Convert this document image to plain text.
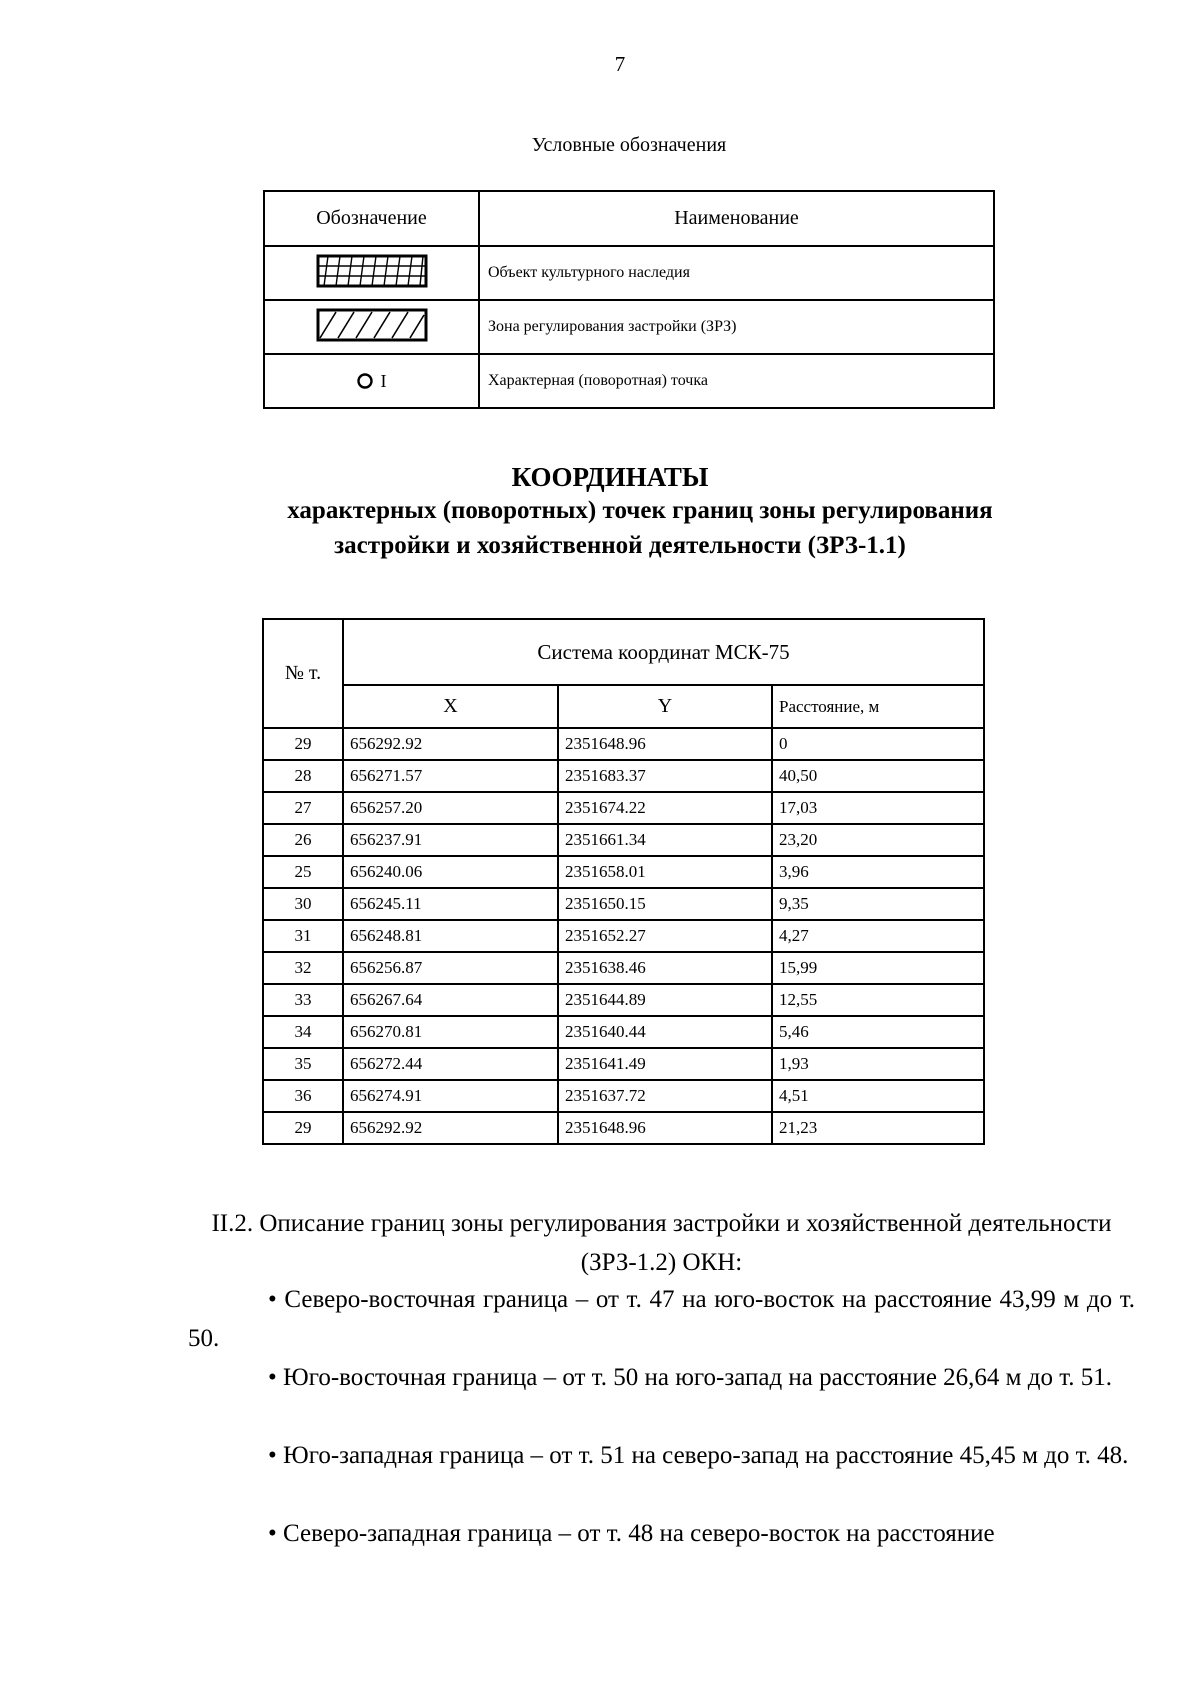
7
Условные обозначения
Обозначение	Наименование
	Объект культурного наследия
	Зона регулирования застройки (ЗРЗ)
I	Характерная (поворотная) точка
КООРДИНАТЫ
характерных (поворотных) точек границ зоны регулирования
застройки и хозяйственной деятельности (ЗРЗ-1.1)
№ т.	Система координат МСК-75		
	X	Y	Расстояние, м
29	656292.92	2351648.96	0
28	656271.57	2351683.37	40,50
27	656257.20	2351674.22	17,03
26	656237.91	2351661.34	23,20
25	656240.06	2351658.01	3,96
30	656245.11	2351650.15	9,35
31	656248.81	2351652.27	4,27
32	656256.87	2351638.46	15,99
33	656267.64	2351644.89	12,55
34	656270.81	2351640.44	5,46
35	656272.44	2351641.49	1,93
36	656274.91	2351637.72	4,51
29	656292.92	2351648.96	21,23
II.2. Описание границ зоны регулирования застройки и хозяйственной деятельности (ЗРЗ-1.2) ОКН:
• Северо-восточная граница – от т. 47 на юго-восток на расстояние 43,99 м до т. 50.
• Юго-восточная граница – от т. 50 на юго-запад на расстояние 26,64 м до т. 51.
• Юго-западная граница – от т. 51 на северо-запад на расстояние 45,45 м до т. 48.
• Северо-западная граница – от т. 48 на северо-восток на расстояние
